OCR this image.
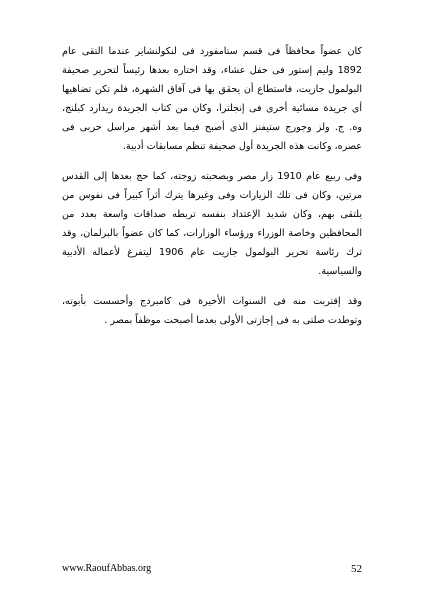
كان عضواً محافظاً فى قسم ستامفورد فى لنكولنشاير عندما التقى عام 1892 وليم إستور فى حفل عشاء، وقد اختاره بعدها رئيساً لتحرير صحيفة البولمول جازيت، فاستطاع أن يحقق بها فى آفاق الشهرة، فلم تكن تضاهيها أى جريدة مسائية أخرى فى إنجلترا، وكان من كتاب الجريدة ريدارد كبلنج، وه. ج. ولز وجورج ستيفنز الذى أصبح فيما بعد أشهر مراسل حربى فى عصره، وكانت هذه الجريدة أول صحيفة تنظم مسابقات أدبية.

وفى ربيع عام 1910 زار مصر وبصحبته زوجته، كما حج بعدها إلى القدس مرتين، وكان فى تلك الزيارات وفى وغيرها يترك أثراً كبيراً فى نفوس من يلتقى بهم، وكان شديد الإعتداد بنفسه تربطه صداقات واسعة بعدد من المحافظين وخاصة الوزراء ورؤساء الوزارات، كما كان عضواً بالبرلمان، وقد ترك رئاسة تحرير البولمول جازيت عام 1906 ليتفرغ لأعماله الأدبية والسياسية.

وقد إقتربت منه فى السنوات الأخيرة فى كامبردج وأحسست بأبوته، وتوطدت صلتى به فى إجازتى الأولى بعدما أصبحت موظفاً بمصر .

www.RaoufAbbas.org	52
